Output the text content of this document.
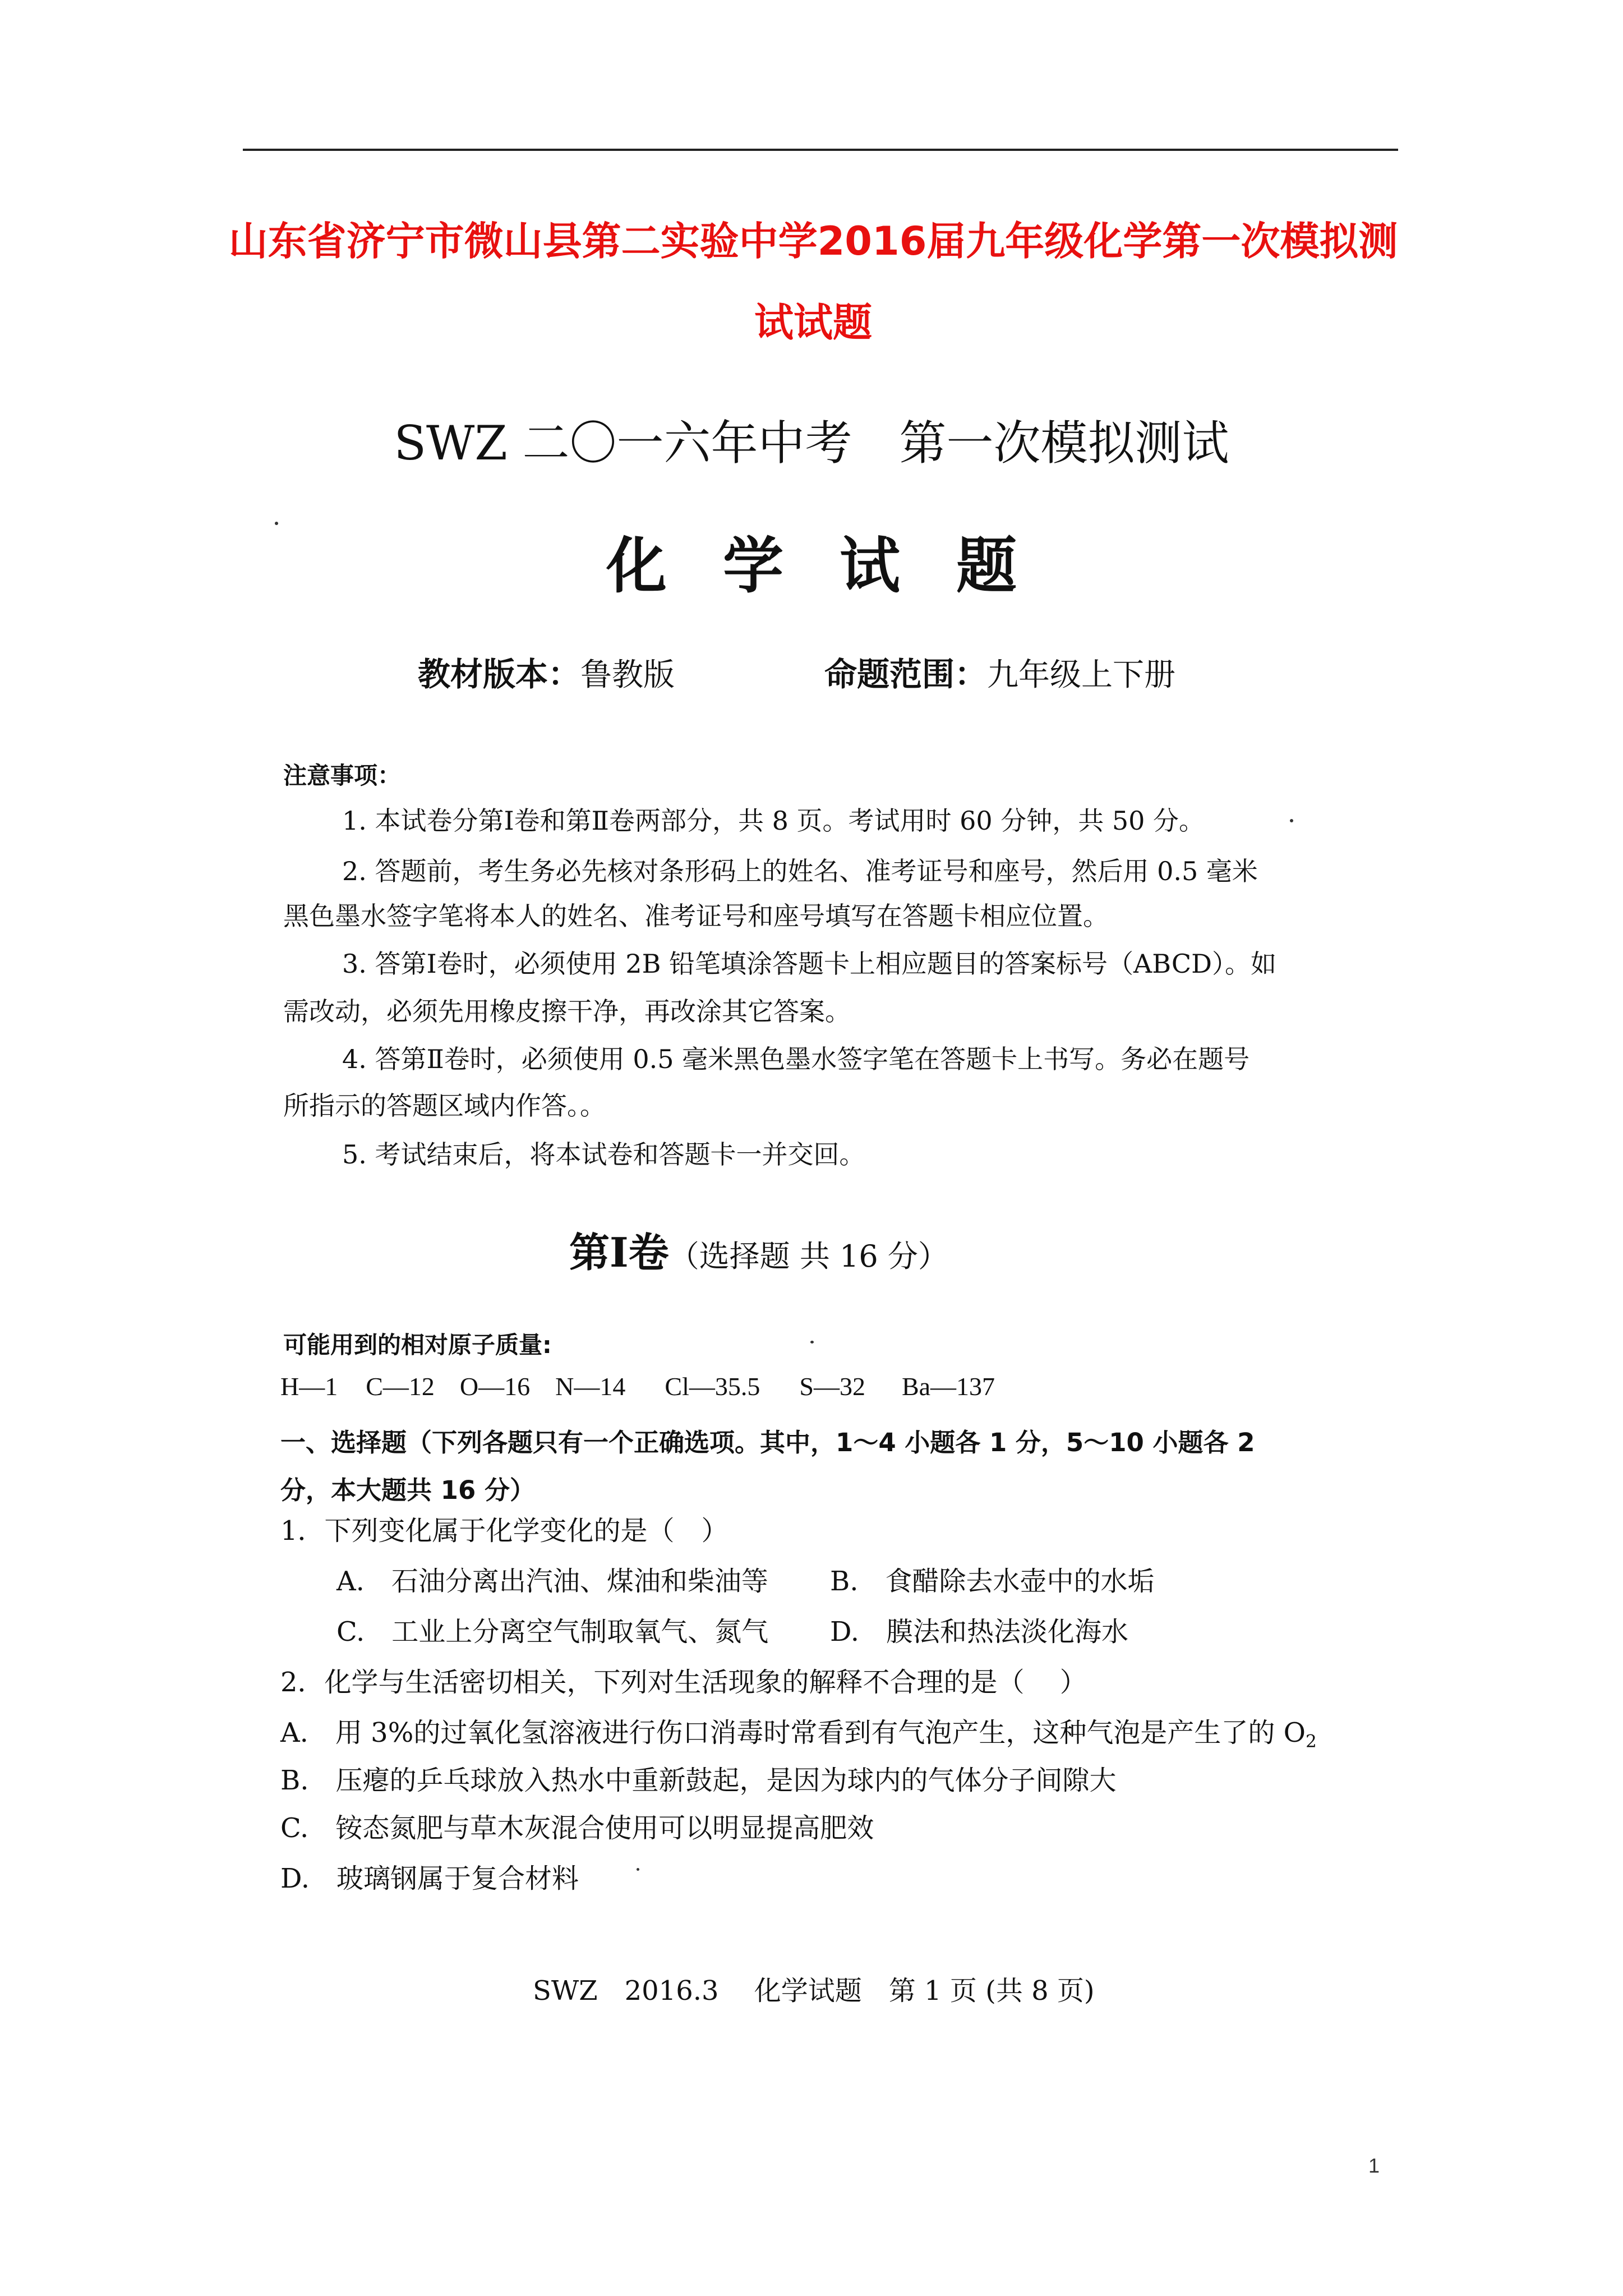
山东省济宁市微山县第二实验中学2016届九年级化学第一次模拟测
试试题
SWZ 二〇一六年中考　第一次模拟测试
化 学 试 题
教材版本：鲁教版	命题范围：九年级上下册
注意事项：
1. 本试卷分第Ⅰ卷和第Ⅱ卷两部分，共 8 页。考试用时 60 分钟，共 50 分。
2. 答题前，考生务必先核对条形码上的姓名、准考证号和座号，然后用 0.5 毫米
黑色墨水签字笔将本人的姓名、准考证号和座号填写在答题卡相应位置。
3. 答第Ⅰ卷时，必须使用 2B 铅笔填涂答题卡上相应题目的答案标号（ABCD）。如
需改动，必须先用橡皮擦干净，再改涂其它答案。
4. 答第Ⅱ卷时，必须使用 0.5 毫米黑色墨水签字笔在答题卡上书写。务必在题号
所指示的答题区域内作答。。
5. 考试结束后，将本试卷和答题卡一并交回。
第Ⅰ卷（选择题 共 16 分）
可能用到的相对原子质量:
H—1 C—12 O—16 N—14 Cl—35.5 S—32 Ba—137
一、选择题（下列各题只有一个正确选项。其中，1～4 小题各 1 分，5～10 小题各 2
分，本大题共 16 分）
1．下列变化属于化学变化的是（　）
A.　石油分离出汽油、煤油和柴油等 B.　食醋除去水壶中的水垢
C.　工业上分离空气制取氧气、氮气 D.　膜法和热法淡化海水
2．化学与生活密切相关，下列对生活现象的解释不合理的是（　 ）
A.　用 3%的过氧化氢溶液进行伤口消毒时常看到有气泡产生，这种气泡是产生了的 $O_2$
B.　压瘪的乒乓球放入热水中重新鼓起，是因为球内的气体分子间隙大
C.　铵态氮肥与草木灰混合使用可以明显提高肥效
D.　玻璃钢属于复合材料
SWZ　2016.3　 化学试题　第 1 页 (共 8 页)
1
